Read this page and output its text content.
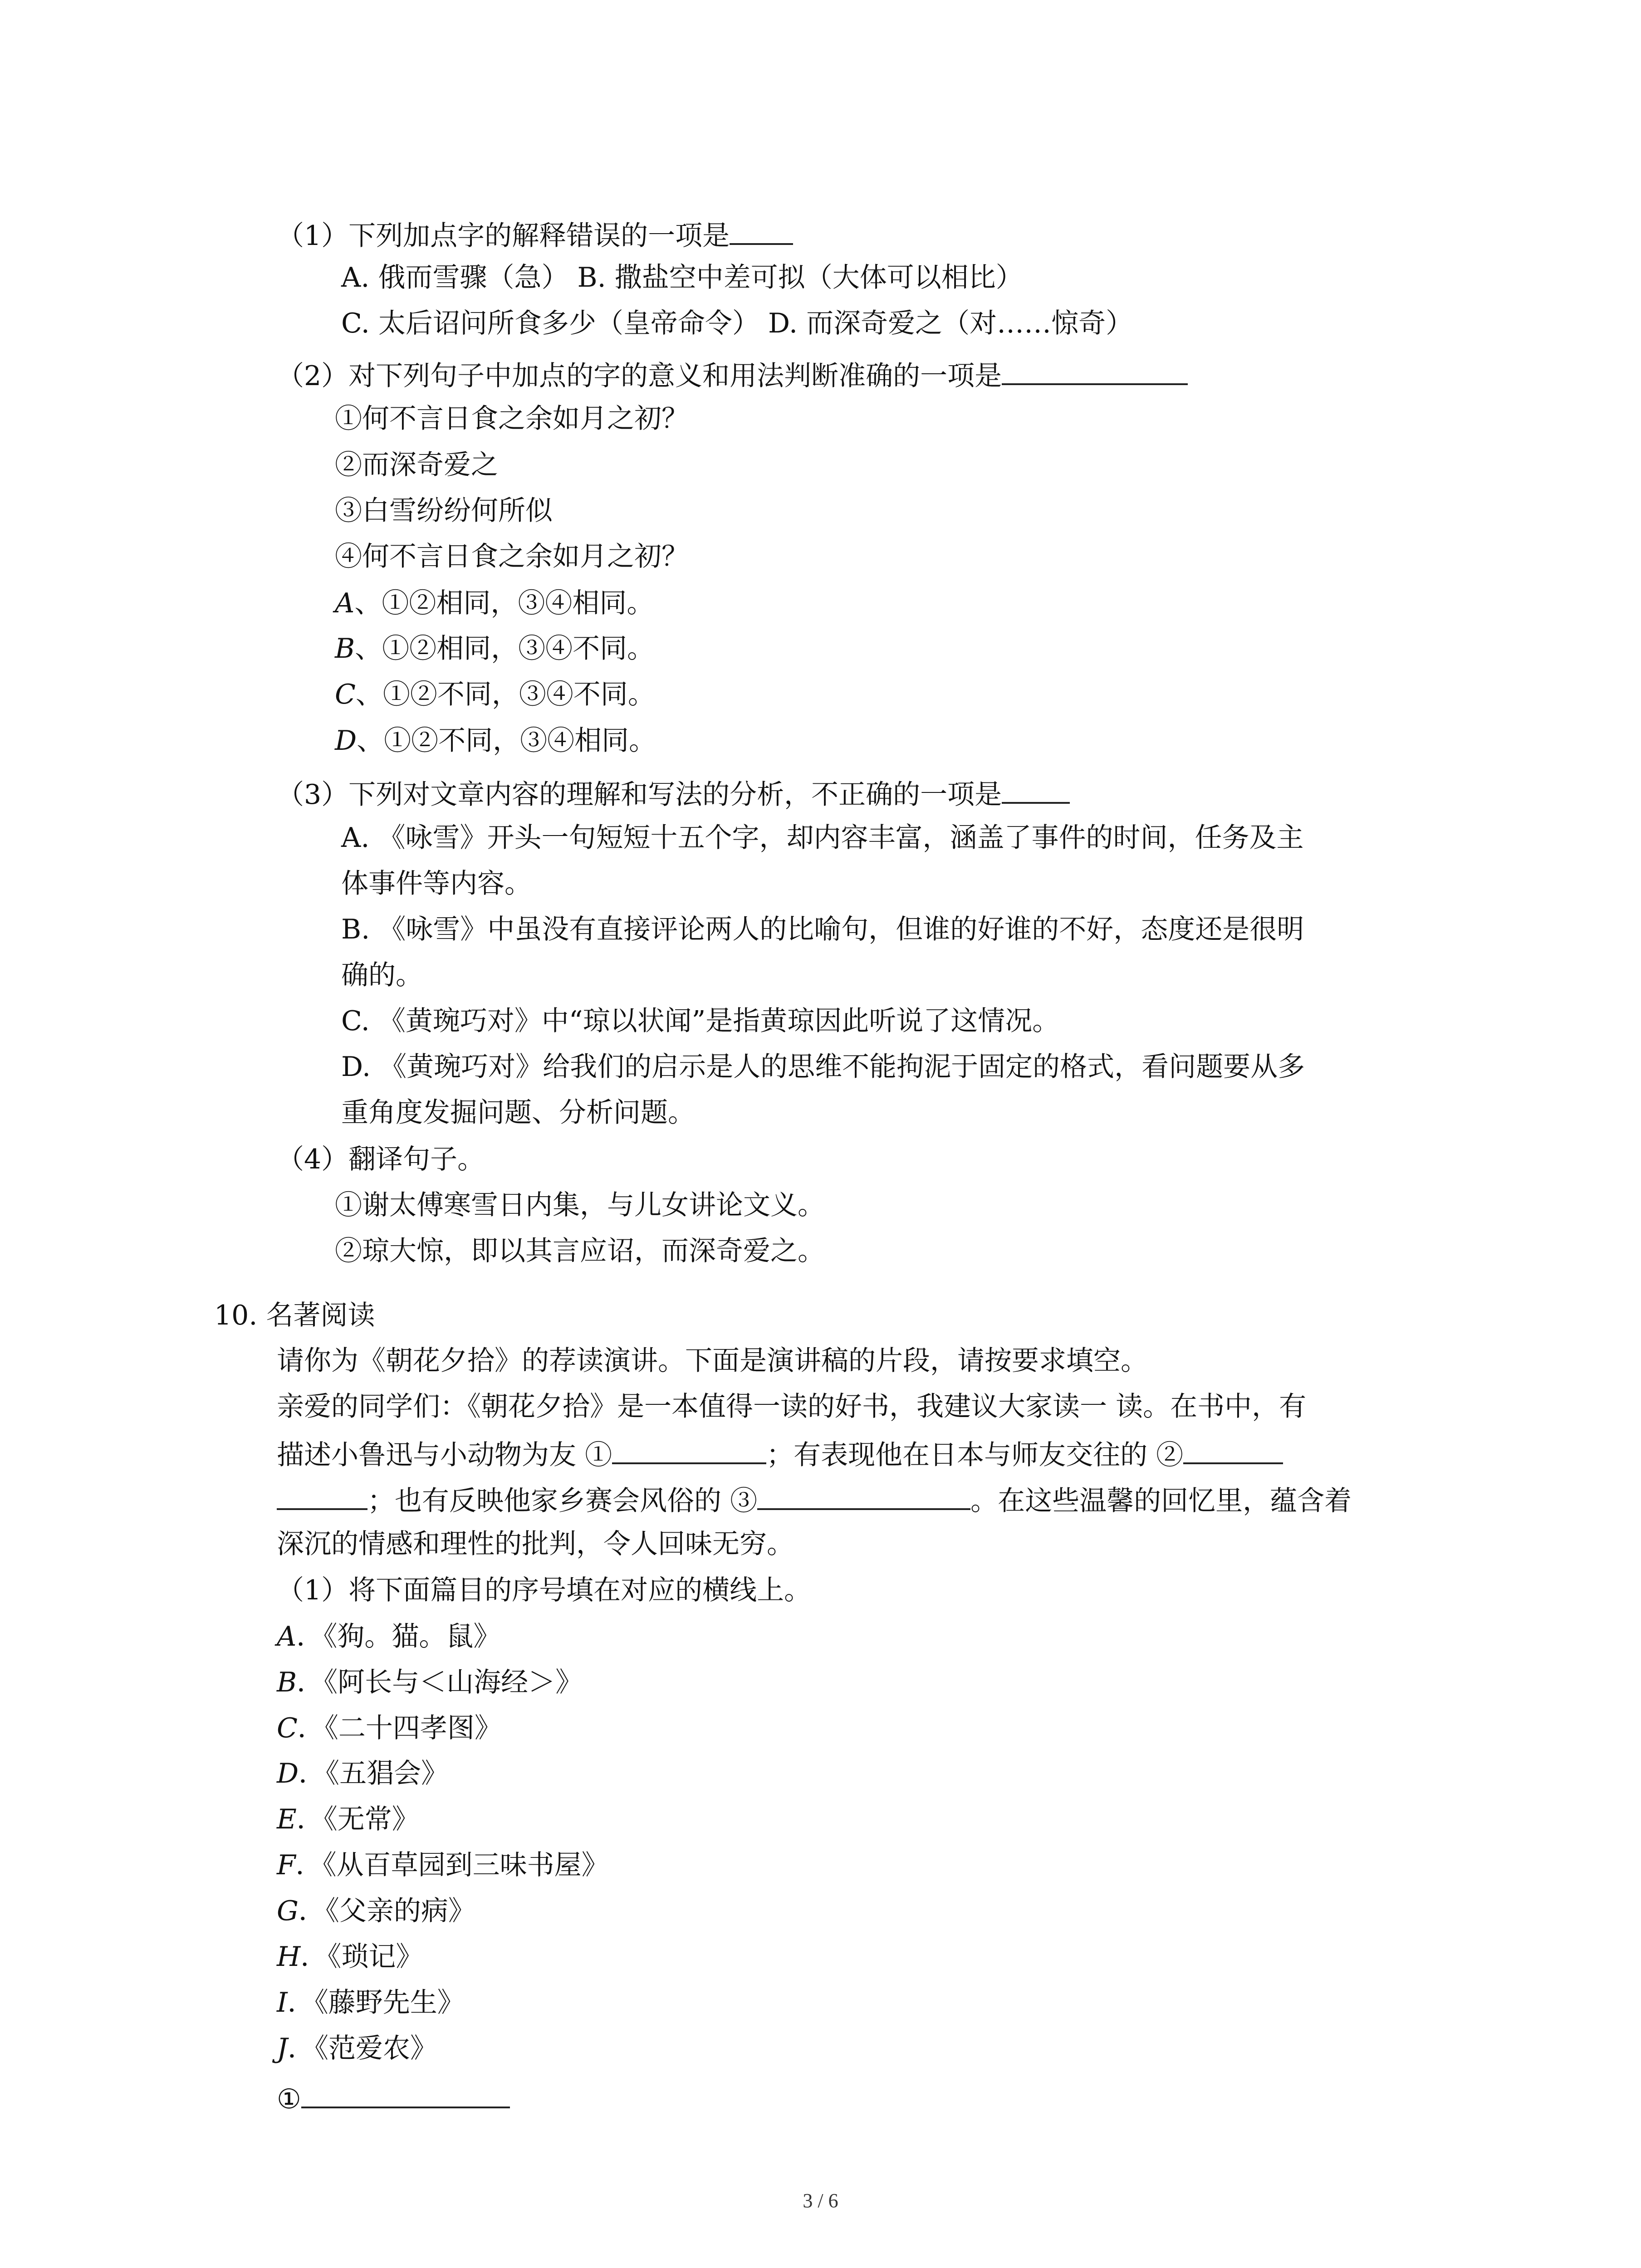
（1）下列加点字的解释错误的一项是
A. 俄而雪骤（急） B. 撒盐空中差可拟（大体可以相比）
C. 太后诏问所食多少（皇帝命令） D. 而深奇爱之（对……惊奇）
（2）对下列句子中加点的字的意义和用法判断准确的一项是
①何不言日食之余如月之初？
②而深奇爱之
③白雪纷纷何所似
④何不言日食之余如月之初？
A、①②相同，③④相同。
B、①②相同，③④不同。
C、①②不同，③④不同。
D、①②不同，③④相同。
（3）下列对文章内容的理解和写法的分析，不正确的一项是
A. 《咏雪》开头一句短短十五个字，却内容丰富，涵盖了事件的时间，任务及主
体事件等内容。
B. 《咏雪》中虽没有直接评论两人的比喻句，但谁的好谁的不好，态度还是很明
确的。
C. 《黄琬巧对》中“琼以状闻”是指黄琼因此听说了这情况。
D. 《黄琬巧对》给我们的启示是人的思维不能拘泥于固定的格式，看问题要从多
重角度发掘问题、分析问题。
（4）翻译句子。
①谢太傅寒雪日内集，与儿女讲论文义。
②琼大惊，即以其言应诏，而深奇爱之。
10. 名著阅读
请你为《朝花夕拾》的荐读演讲。下面是演讲稿的片段，请按要求填空。
亲爱的同学们：《朝花夕拾》是一本值得一读的好书，我建议大家读一 读。在书中，有
描述小鲁迅与小动物为友 ①	；有表现他在日本与师友交往的 ②
；也有反映他家乡赛会风俗的 ③	。在这些温馨的回忆里，蕴含着
深沉的情感和理性的批判，令人回味无穷。
（1）将下面篇目的序号填在对应的横线上。
A．《狗。猫。鼠》
B．《阿长与＜山海经＞》
C．《二十四孝图》
D．《五猖会》
E．《无常》
F．《从百草园到三味书屋》
G．《父亲的病》
H．《琐记》
I．《藤野先生》
J．《范爱农》
①
3 / 6
